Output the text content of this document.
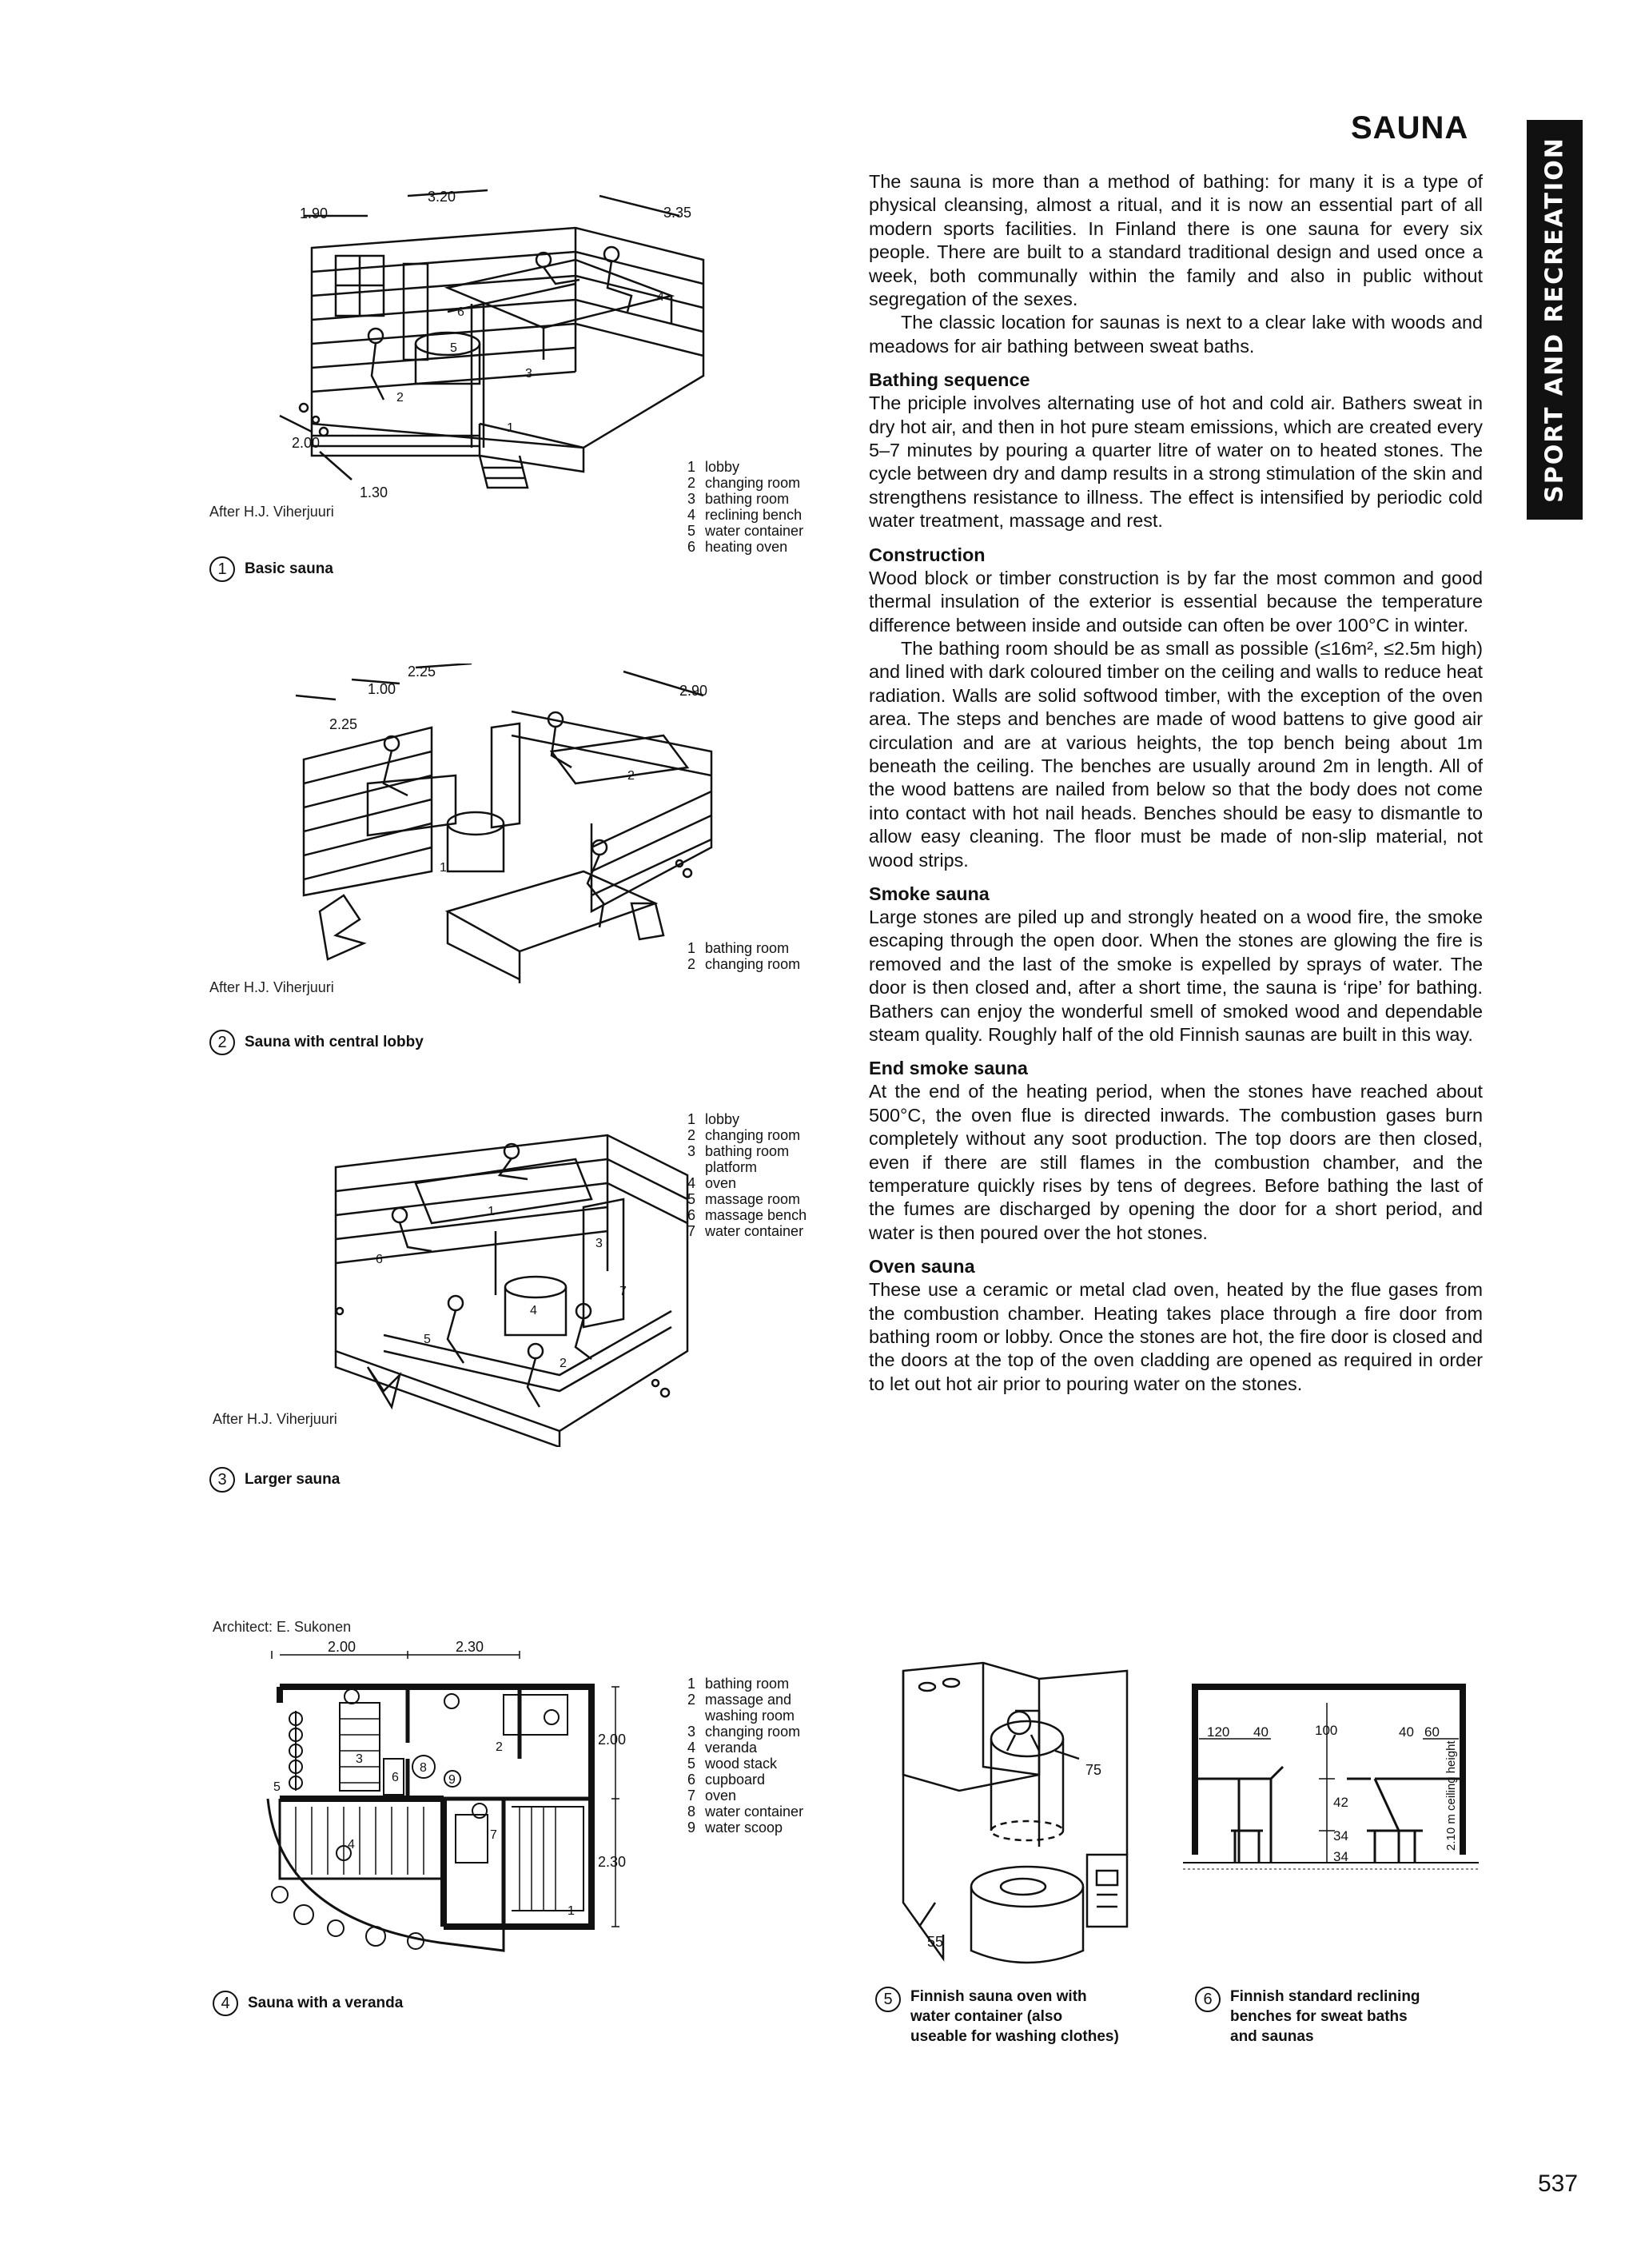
SAUNA
SPORT AND RECREATION
537

The sauna is more than a method of bathing: for many it is a type of physical cleansing, almost a ritual, and it is now an essential part of all modern sports facilities. In Finland there is one sauna for every six people. There are built to a standard traditional design and used once a week, both communally within the family and also in public without segregation of the sexes.

The classic location for saunas is next to a clear lake with woods and meadows for air bathing between sweat baths.

Bathing sequence

The priciple involves alternating use of hot and cold air. Bathers sweat in dry hot air, and then in hot pure steam emissions, which are created every 5–7 minutes by pouring a quarter litre of water on to heated stones. The cycle between dry and damp results in a strong stimulation of the skin and strengthens resistance to illness. The effect is intensified by periodic cold water treatment, massage and rest.

Construction

Wood block or timber construction is by far the most common and good thermal insulation of the exterior is essential because the temperature difference between inside and outside can often be over 100°C in winter.

The bathing room should be as small as possible (≤16m², ≤2.5m high) and lined with dark coloured timber on the ceiling and walls to reduce heat radiation. Walls are solid softwood timber, with the exception of the oven area. The steps and benches are made of wood battens to give good air circulation and are at various heights, the top bench being about 1m beneath the ceiling. The benches are usually around 2m in length. All of the wood battens are nailed from below so that the body does not come into contact with hot nail heads. Benches should be easy to dismantle to allow easy cleaning. The floor must be made of non-slip material, not wood strips.

Smoke sauna

Large stones are piled up and strongly heated on a wood fire, the smoke escaping through the open door. When the stones are glowing the fire is removed and the last of the smoke is expelled by sprays of water. The door is then closed and, after a short time, the sauna is ‘ripe’ for bathing. Bathers can enjoy the wonderful smell of smoked wood and dependable steam quality. Roughly half of the old Finnish saunas are built in this way.

End smoke sauna

At the end of the heating period, when the stones have reached about 500°C, the oven flue is directed inwards. The combustion gases burn completely without any soot production. The top doors are then closed, even if there are still flames in the combustion chamber, and the temperature quickly rises by tens of degrees. Before bathing the last of the fumes are discharged by opening the door for a short period, and water is then poured over the hot stones.

Oven sauna

These use a ceramic or metal clad oven, heated by the flue gases from the combustion chamber. Heating takes place through a fire door from bathing room or lobby. Once the stones are hot, the fire door is closed and the doors at the top of the oven cladding are opened as required in order to let out hot air prior to pouring water on the stones.

1.90
3.20
3.35
2.00
1.30
5
6
2
3
4
1
After H.J. Viherjuuri
1 lobby
2 changing room
3 bathing room
4 reclining bench
5 water container
6 heating oven
1	Basic sauna
2.25
1.00
2.25
2.90
1
2
After H.J. Viherjuuri
1 bathing room
2 changing room
2	Sauna with central lobby
1
2
3
4
5
6
7
After H.J. Viherjuuri
1 lobby
2 changing room
3 bathing room
platform
4 oven
5 massage room
6 massage bench
7 water container
3	Larger sauna
Architect: E. Sukonen
2.00	2.30
2.00
2.30
1
2
3
4
5
6
7
8
9
1 bathing room
2 massage and
washing room
3 changing room
4 veranda
5 wood stack
6 cupboard
7 oven
8 water container
9 water scoop
4	Sauna with a veranda
75
55
5	Finnish sauna oven with
water container (also
useable for washing clothes)
120 40	100	40 60
42
34
34
2.10 m ceiling height
6	Finnish standard reclining
benches for sweat baths
and saunas
